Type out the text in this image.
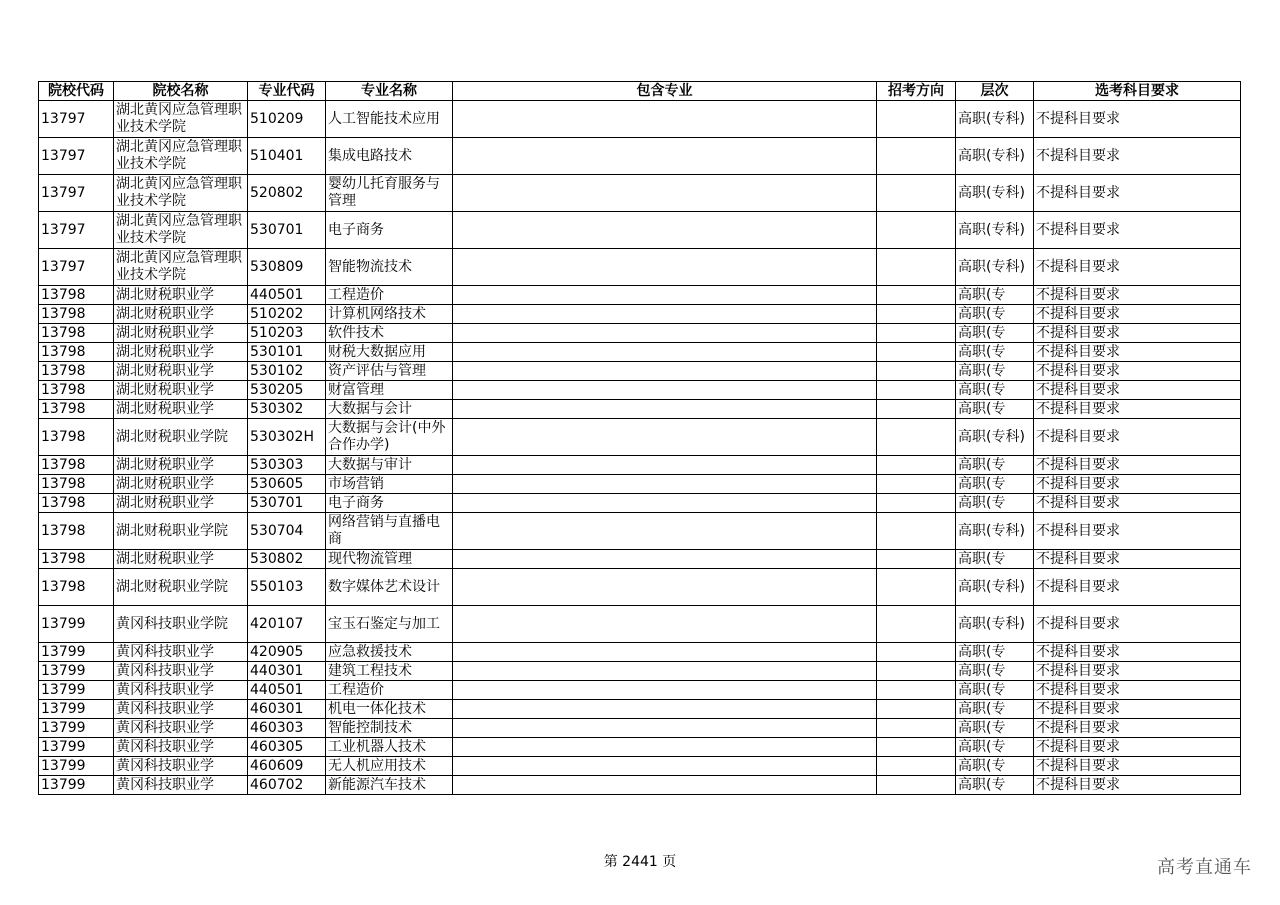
院校代码	院校名称	专业代码	专业名称	包含专业	招考方向	层次	选考科目要求
13797	湖北黄冈应急管理职业技术学院	510209	人工智能技术应用			高职(专科)	不提科目要求
13797	湖北黄冈应急管理职业技术学院	510401	集成电路技术			高职(专科)	不提科目要求
13797	湖北黄冈应急管理职业技术学院	520802	婴幼儿托育服务与管理			高职(专科)	不提科目要求
13797	湖北黄冈应急管理职业技术学院	530701	电子商务			高职(专科)	不提科目要求
13797	湖北黄冈应急管理职业技术学院	530809	智能物流技术			高职(专科)	不提科目要求
13798	湖北财税职业学	440501	工程造价			高职(专	不提科目要求
13798	湖北财税职业学	510202	计算机网络技术			高职(专	不提科目要求
13798	湖北财税职业学	510203	软件技术			高职(专	不提科目要求
13798	湖北财税职业学	530101	财税大数据应用			高职(专	不提科目要求
13798	湖北财税职业学	530102	资产评估与管理			高职(专	不提科目要求
13798	湖北财税职业学	530205	财富管理			高职(专	不提科目要求
13798	湖北财税职业学	530302	大数据与会计			高职(专	不提科目要求
13798	湖北财税职业学院	530302H	大数据与会计(中外合作办学)			高职(专科)	不提科目要求
13798	湖北财税职业学	530303	大数据与审计			高职(专	不提科目要求
13798	湖北财税职业学	530605	市场营销			高职(专	不提科目要求
13798	湖北财税职业学	530701	电子商务			高职(专	不提科目要求
13798	湖北财税职业学院	530704	网络营销与直播电商			高职(专科)	不提科目要求
13798	湖北财税职业学	530802	现代物流管理			高职(专	不提科目要求
13798	湖北财税职业学院	550103	数字媒体艺术设计			高职(专科)	不提科目要求
13799	黄冈科技职业学院	420107	宝玉石鉴定与加工			高职(专科)	不提科目要求
13799	黄冈科技职业学	420905	应急救援技术			高职(专	不提科目要求
13799	黄冈科技职业学	440301	建筑工程技术			高职(专	不提科目要求
13799	黄冈科技职业学	440501	工程造价			高职(专	不提科目要求
13799	黄冈科技职业学	460301	机电一体化技术			高职(专	不提科目要求
13799	黄冈科技职业学	460303	智能控制技术			高职(专	不提科目要求
13799	黄冈科技职业学	460305	工业机器人技术			高职(专	不提科目要求
13799	黄冈科技职业学	460609	无人机应用技术			高职(专	不提科目要求
13799	黄冈科技职业学	460702	新能源汽车技术			高职(专	不提科目要求
第 2441 页	高考直通车
